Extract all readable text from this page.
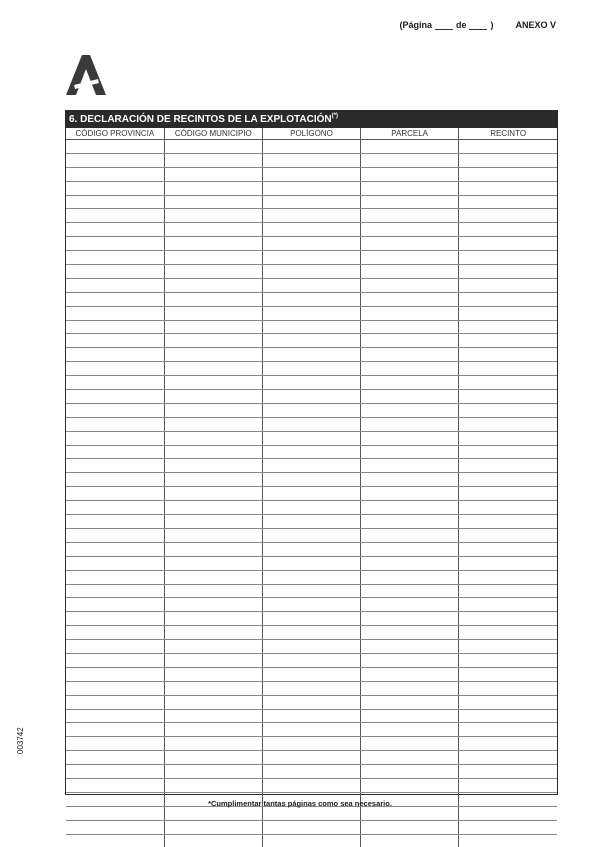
(Página	de	) ANEXO V
003742
6. DECLARACIÓN DE RECINTOS DE LA EXPLOTACIÓN(*)
CÓDIGO PROVINCIA	CÓDIGO MUNICIPIO	POLÍGONO	PARCELA	RECINTO

*Cumplimentar tantas páginas como sea necesario.
